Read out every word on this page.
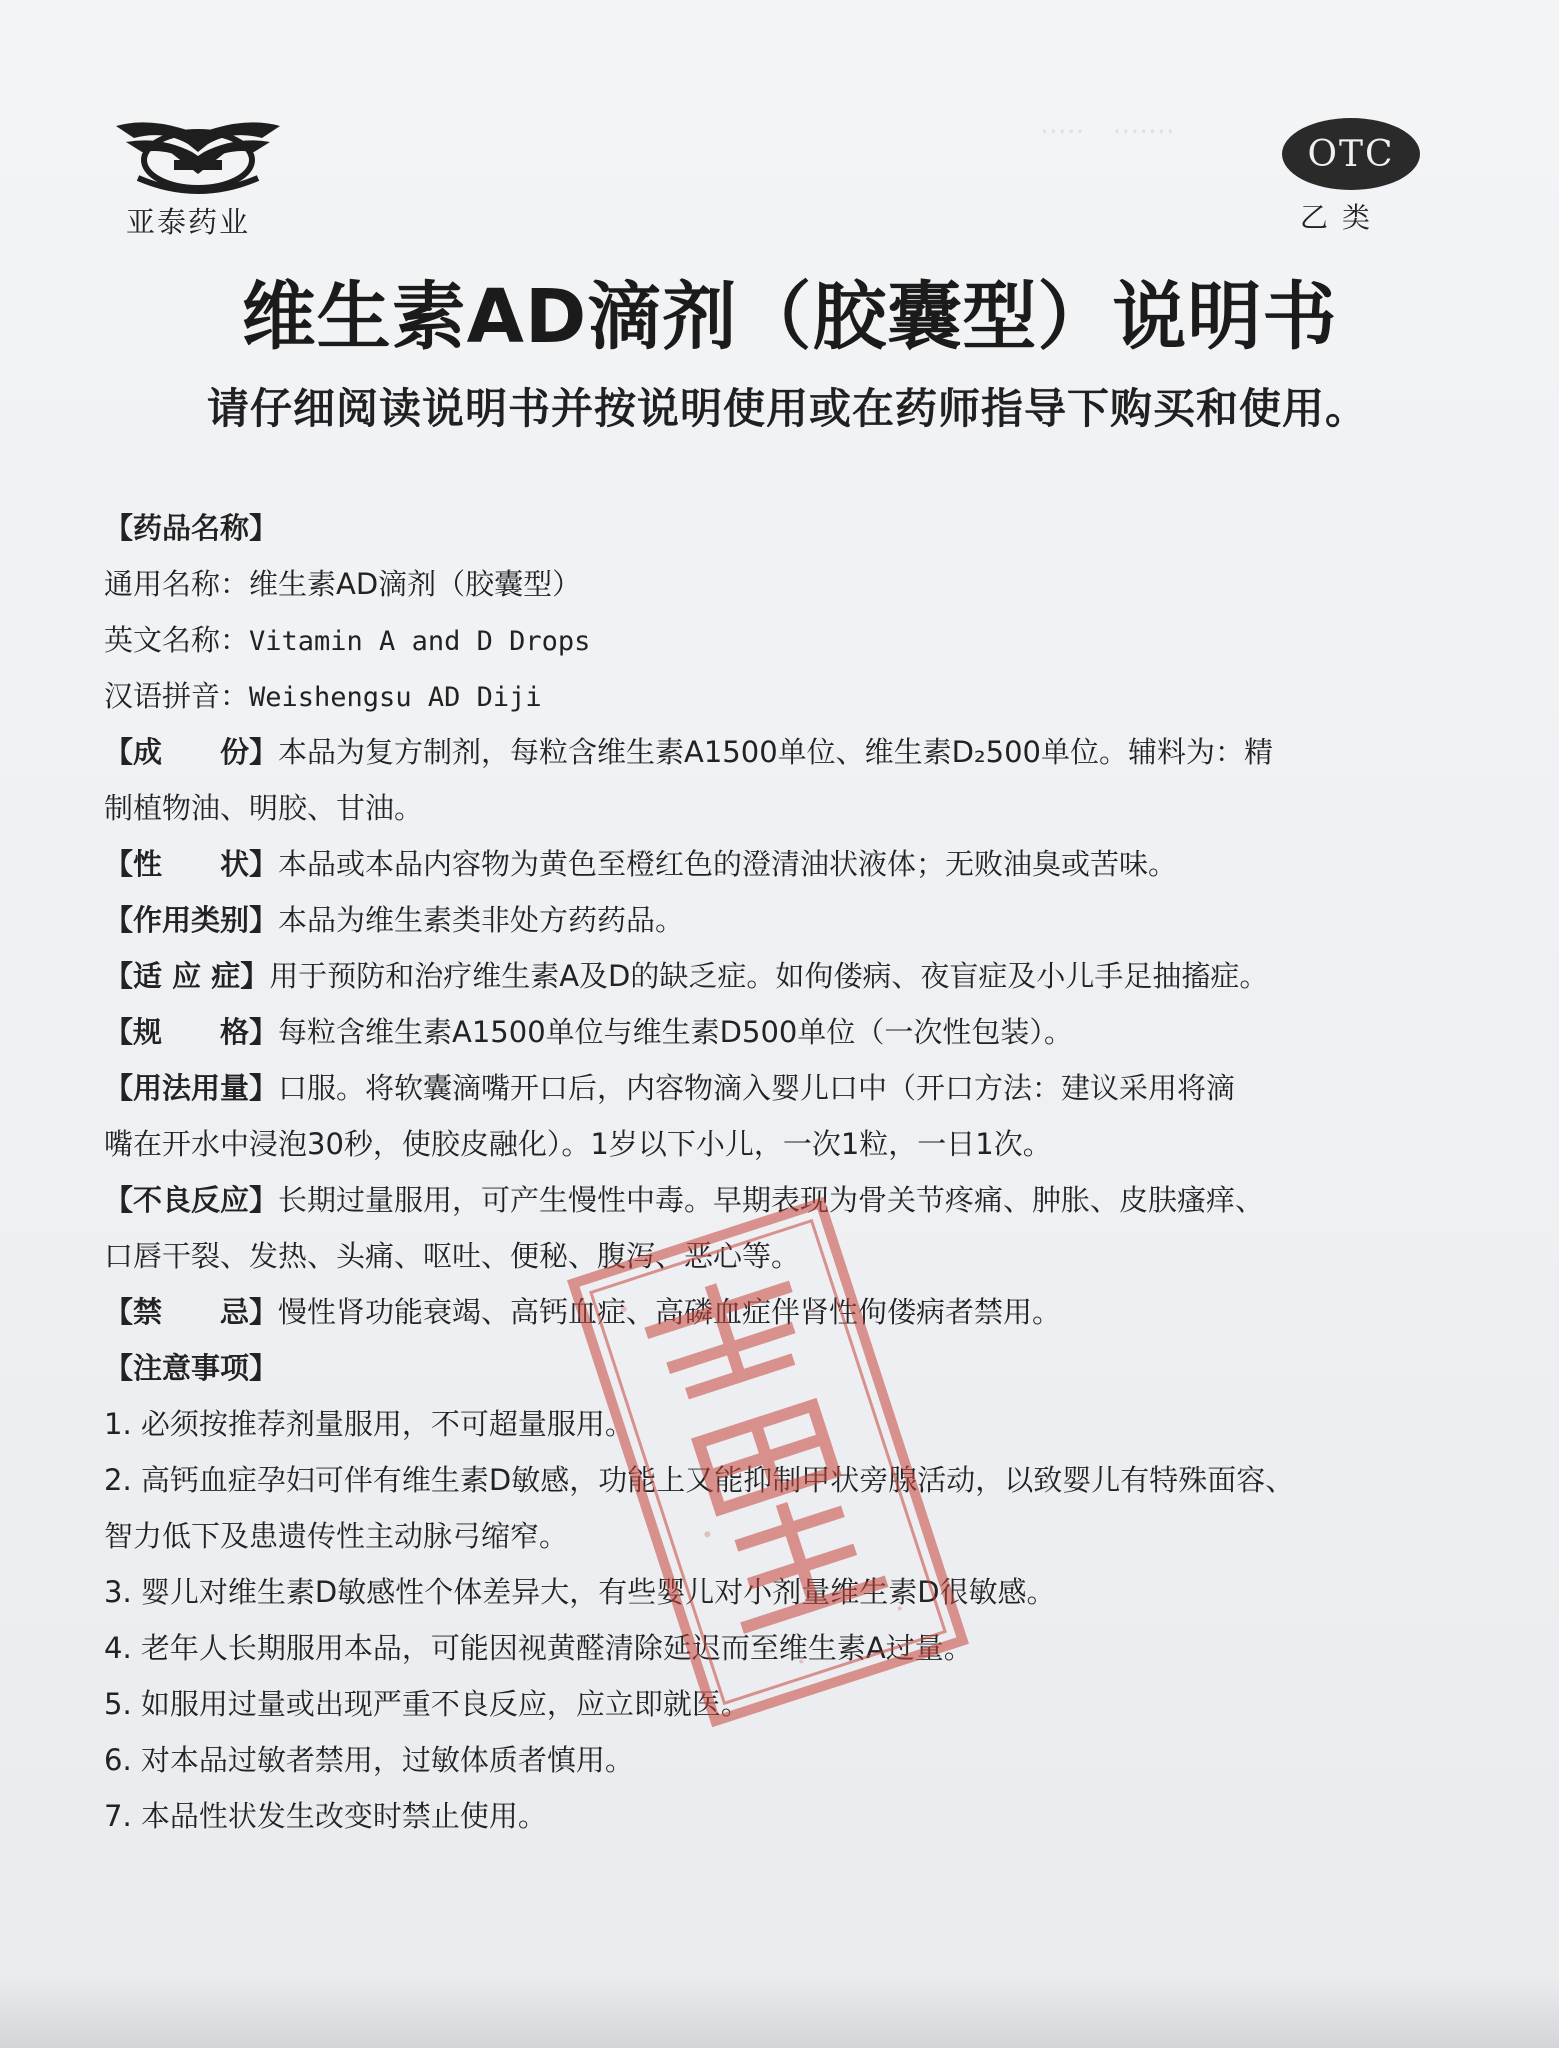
·····　·······
亚泰药业
OTC
乙类
维生素AD滴剂（胶囊型）说明书
请仔细阅读说明书并按说明使用或在药师指导下购买和使用。
【药品名称】
通用名称：维生素AD滴剂（胶囊型）
英文名称：Vitamin A and D Drops
汉语拼音：Weishengsu AD Diji
【成　　份】本品为复方制剂，每粒含维生素A1500单位、维生素D₂500单位。辅料为：精
制植物油、明胶、甘油。
【性　　状】本品或本品内容物为黄色至橙红色的澄清油状液体；无败油臭或苦味。
【作用类别】本品为维生素类非处方药药品。
【适 应 症】用于预防和治疗维生素A及D的缺乏症。如佝偻病、夜盲症及小儿手足抽搐症。
【规　　格】每粒含维生素A1500单位与维生素D500单位（一次性包装）。
【用法用量】口服。将软囊滴嘴开口后，内容物滴入婴儿口中（开口方法：建议采用将滴
嘴在开水中浸泡30秒，使胶皮融化）。1岁以下小儿，一次1粒，一日1次。
【不良反应】长期过量服用，可产生慢性中毒。早期表现为骨关节疼痛、肿胀、皮肤瘙痒、
口唇干裂、发热、头痛、呕吐、便秘、腹泻、恶心等。
【禁　　忌】慢性肾功能衰竭、高钙血症、高磷血症伴肾性佝偻病者禁用。
【注意事项】
1. 必须按推荐剂量服用，不可超量服用。
2. 高钙血症孕妇可伴有维生素D敏感，功能上又能抑制甲状旁腺活动，以致婴儿有特殊面容、
智力低下及患遗传性主动脉弓缩窄。
3. 婴儿对维生素D敏感性个体差异大，有些婴儿对小剂量维生素D很敏感。
4. 老年人长期服用本品，可能因视黄醛清除延迟而至维生素A过量。
5. 如服用过量或出现严重不良反应，应立即就医。
6. 对本品过敏者禁用，过敏体质者慎用。
7. 本品性状发生改变时禁止使用。
